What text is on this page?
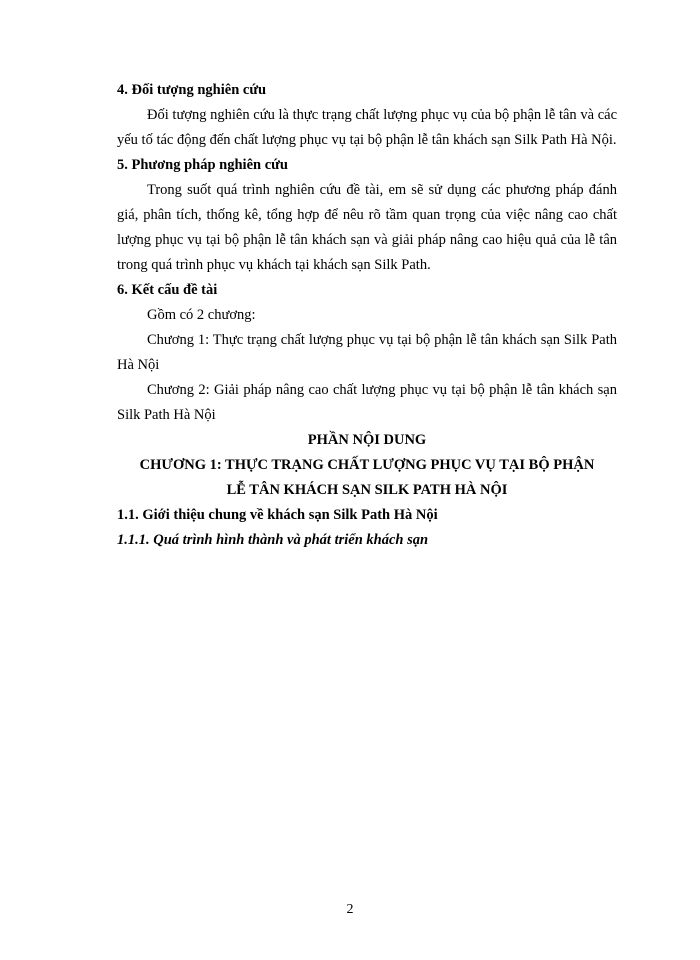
4. Đối tượng nghiên cứu

Đối tượng nghiên cứu là thực trạng chất lượng phục vụ của bộ phận lễ tân và các yếu tố tác động đến chất lượng phục vụ tại bộ phận lễ tân khách sạn Silk Path Hà Nội.

5. Phương pháp nghiên cứu

Trong suốt quá trình nghiên cứu đề tài, em sẽ sử dụng các phương pháp đánh giá, phân tích, thống kê, tổng hợp để nêu rõ tầm quan trọng của việc nâng cao chất lượng phục vụ tại bộ phận lễ tân khách sạn và giải pháp nâng cao hiệu quả của lễ tân trong quá trình phục vụ khách tại khách sạn Silk Path.

6. Kết cấu đề tài

Gồm có 2 chương:

Chương 1: Thực trạng chất lượng phục vụ tại bộ phận lễ tân khách sạn Silk Path Hà Nội

Chương 2: Giải pháp nâng cao chất lượng phục vụ tại bộ phận lễ tân khách sạn Silk Path Hà Nội

PHẦN NỘI DUNG

CHƯƠNG 1: THỰC TRẠNG CHẤT LƯỢNG PHỤC VỤ TẠI BỘ PHẬN

LỄ TÂN KHÁCH SẠN SILK PATH HÀ NỘI

1.1. Giới thiệu chung về khách sạn Silk Path Hà Nội

1.1.1. Quá trình hình thành và phát triển khách sạn

2
